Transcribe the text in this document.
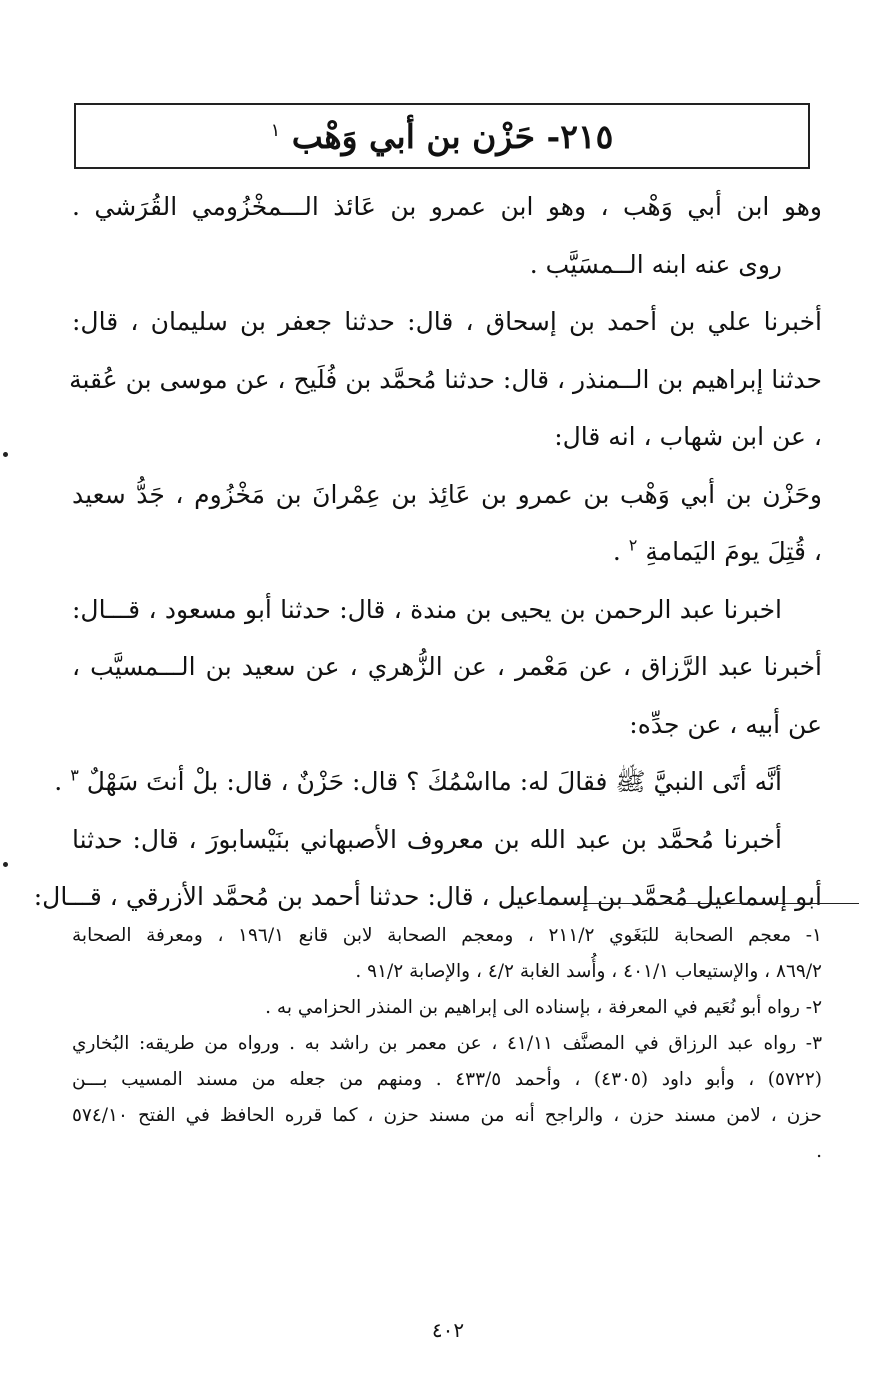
٢١٥- حَزْن بن أبي وَهْب $^١$
وهو ابن أبي وَهْب ، وهو ابن عمرو بن عَائذ الـــمخْزُومي القُرَشي .
روى عنه ابنه الــمسَيَّب .
أخبرنا علي بن أحمد بن إسحاق ، قال: حدثنا جعفر بن سليمان ، قال:
حدثنا إبراهيم بن الــمنذر ، قال: حدثنا مُحمَّد بن فُلَيح ، عن موسى بن عُقبة
، عن ابن شهاب ، انه قال:
وحَزْن بن أبي وَهْب بن عمرو بن عَائِذ بن عِمْرانَ بن مَخْزُوم ، جَدُّ سعيد
، قُتِلَ يومَ اليَمامةِ $^٢$ .
اخبرنا عبد الرحمن بن يحيى بن مندة ، قال: حدثنا أبو مسعود ، قـــال:
أخبرنا عبد الرَّزاق ، عن مَعْمر ، عن الزُّهري ، عن سعيد بن الـــمسيَّب ،
عن أبيه ، عن جدِّه:
أنَّه أتَى النبيَّ ﷺ فقالَ له: مااسْمُكَ ؟ قال: حَزْنٌ ، قال: بلْ أنتَ سَهْلٌ $^٣$ .
أخبرنا مُحمَّد بن عبد الله بن معروف الأصبهاني بنَيْسابورَ ، قال: حدثنا
أبو إسماعيل مُحمَّد بن إسماعيل ، قال: حدثنا أحمد بن مُحمَّد الأزرقي ، قـــال:
١- معجم الصحابة للبَغَوي ٢١١/٢ ، ومعجم الصحابة لابن قانع ١٩٦/١ ، ومعرفة الصحابة
٨٦٩/٢ ، والإستيعاب ٤٠١/١ ، وأُسد الغابة ٤/٢ ، والإصابة ٩١/٢ .
٢- رواه أبو نُعَيم في المعرفة ، بإسناده الى إبراهيم بن المنذر الحزامي به .
٣- رواه عبد الرزاق في المصنَّف ٤١/١١ ، عن معمر بن راشد به . ورواه من طريقه: البُخاري
(٥٧٢٢) ، وأبو داود (٤٣٠٥) ، وأحمد ٤٣٣/٥ . ومنهم من جعله من مسند المسيب بـــن
حزن ، لامن مسند حزن ، والراجح أنه من مسند حزن ، كما قرره الحافظ في الفتح ٥٧٤/١٠
.
٤٠٢
